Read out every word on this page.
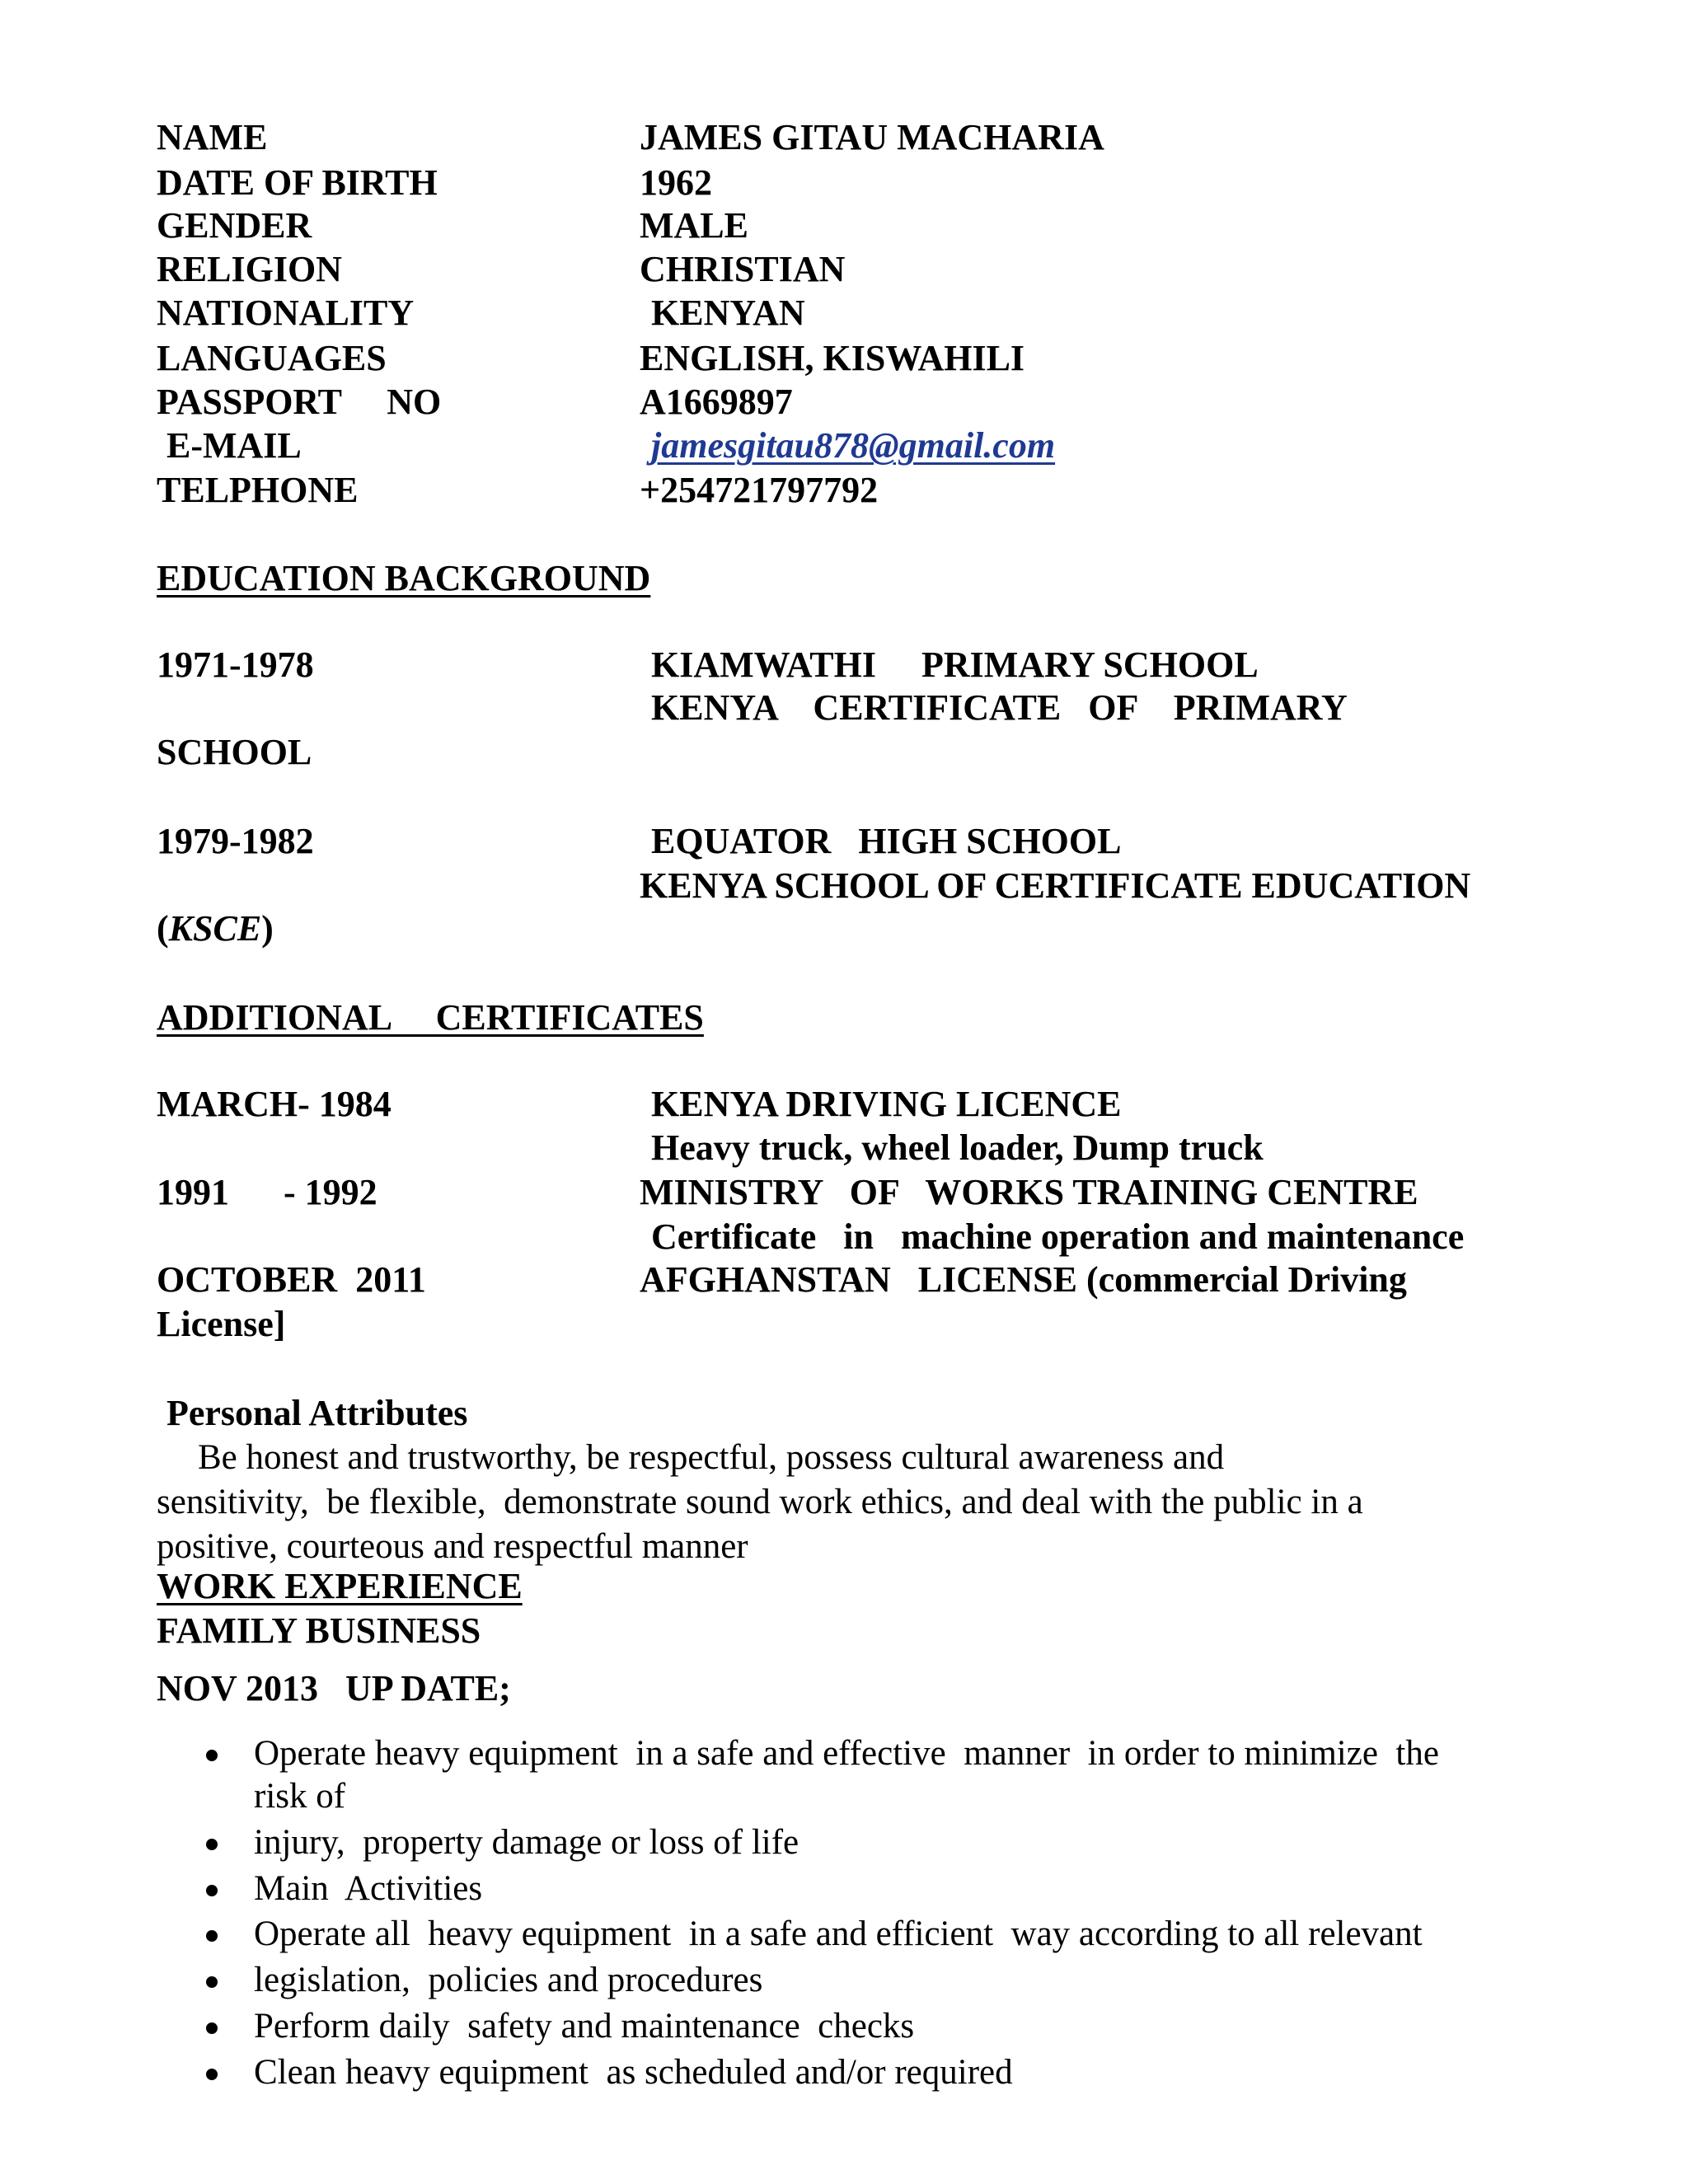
NAME	JAMES GITAU MACHARIA
DATE OF BIRTH	1962
GENDER	MALE
RELIGION	CHRISTIAN
NATIONALITY	KENYAN
LANGUAGES	ENGLISH, KISWAHILI
PASSPORT     NO	A1669897
E-MAIL	jamesgitau878@gmail.com
TELPHONE	+254721797792
EDUCATION BACKGROUND
1971-1978	KIAMWATHI     PRIMARY SCHOOL
KENYA    CERTIFICATE   OF    PRIMARY
SCHOOL
1979-1982	EQUATOR   HIGH SCHOOL
KENYA SCHOOL OF CERTIFICATE EDUCATION
(KSCE)
ADDITIONAL     CERTIFICATES
MARCH- 1984	KENYA DRIVING LICENCE
Heavy truck, wheel loader, Dump truck
1991      - 1992	MINISTRY   OF   WORKS TRAINING CENTRE
Certificate   in   machine operation and maintenance
OCTOBER  2011	AFGHANSTAN   LICENSE (commercial Driving
License]
Personal Attributes
Be honest and trustworthy, be respectful, possess cultural awareness and
sensitivity,  be flexible,  demonstrate sound work ethics, and deal with the public in a
positive, courteous and respectful manner
WORK EXPERIENCE
FAMILY BUSINESS
NOV 2013   UP DATE;
Operate heavy equipment  in a safe and effective  manner  in order to minimize  the
risk of
injury,  property damage or loss of life
Main  Activities
Operate all  heavy equipment  in a safe and efficient  way according to all relevant
legislation,  policies and procedures
Perform daily  safety and maintenance  checks
Clean heavy equipment  as scheduled and/or required
